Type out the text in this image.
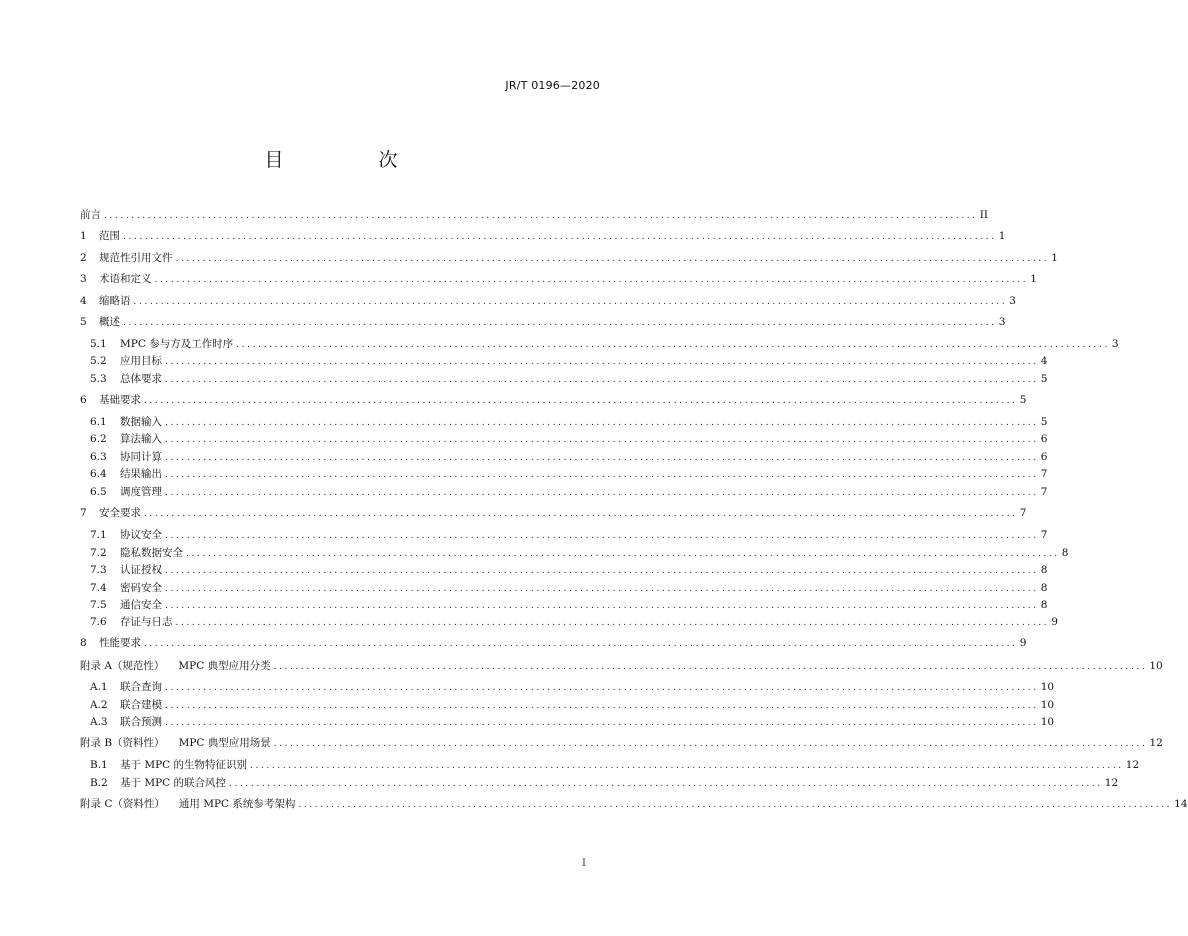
JR/T 0196—2020
目　次
前言 ................................................................................................................................................................ II
1	范围 ................................................................................................................................................................ 1
2	规范性引用文件 ................................................................................................................................................................ 1
3	术语和定义 ................................................................................................................................................................ 1
4	缩略语 ................................................................................................................................................................ 3
5	概述 ................................................................................................................................................................ 3
5.1	MPC 参与方及工作时序 ................................................................................................................................................................ 3
5.2	应用目标 ................................................................................................................................................................ 4
5.3	总体要求 ................................................................................................................................................................ 5
6	基础要求 ................................................................................................................................................................ 5
6.1	数据输入 ................................................................................................................................................................ 5
6.2	算法输入 ................................................................................................................................................................ 6
6.3	协同计算 ................................................................................................................................................................ 6
6.4	结果输出 ................................................................................................................................................................ 7
6.5	调度管理 ................................................................................................................................................................ 7
7	安全要求 ................................................................................................................................................................ 7
7.1	协议安全 ................................................................................................................................................................ 7
7.2	隐私数据安全 ................................................................................................................................................................ 8
7.3	认证授权 ................................................................................................................................................................ 8
7.4	密码安全 ................................................................................................................................................................ 8
7.5	通信安全 ................................................................................................................................................................ 8
7.6	存证与日志 ................................................................................................................................................................ 9
8	性能要求 ................................................................................................................................................................ 9
附录 A（规范性） MPC 典型应用分类 ................................................................................................................................................................ 10
A.1	联合查询 ................................................................................................................................................................ 10
A.2	联合建模 ................................................................................................................................................................ 10
A.3	联合预测 ................................................................................................................................................................ 10
附录 B（资料性） MPC 典型应用场景 ................................................................................................................................................................ 12
B.1	基于 MPC 的生物特征识别 ................................................................................................................................................................ 12
B.2	基于 MPC 的联合风控 ................................................................................................................................................................ 12
附录 C（资料性） 通用 MPC 系统参考架构 ................................................................................................................................................................ 14
I
